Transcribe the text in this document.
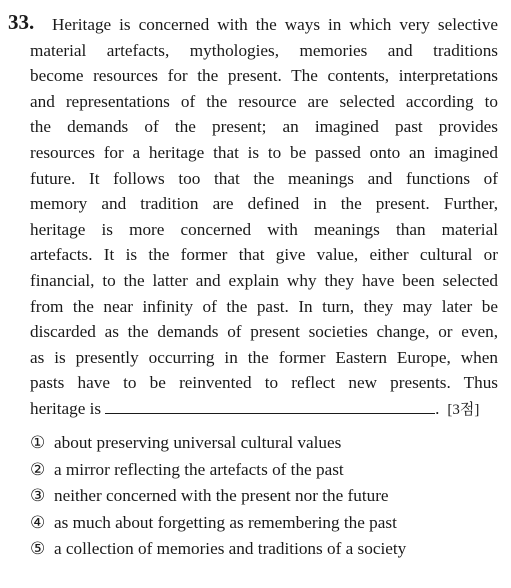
33. Heritage is concerned with the ways in which very selective
material artefacts, mythologies, memories and traditions
become resources for the present. The contents, interpretations
and representations of the resource are selected according to
the demands of the present; an imagined past provides
resources for a heritage that is to be passed onto an imagined
future. It follows too that the meanings and functions of
memory and tradition are defined in the present. Further,
heritage is more concerned with meanings than material
artefacts. It is the former that give value, either cultural or
financial, to the latter and explain why they have been selected
from the near infinity of the past. In turn, they may later be
discarded as the demands of present societies change, or even,
as is presently occurring in the former Eastern Europe, when
pasts have to be reinvented to reflect new presents. Thus
heritage is	. [3점]
① about preserving universal cultural values
② a mirror reflecting the artefacts of the past
③ neither concerned with the present nor the future
④ as much about forgetting as remembering the past
⑤ a collection of memories and traditions of a society
